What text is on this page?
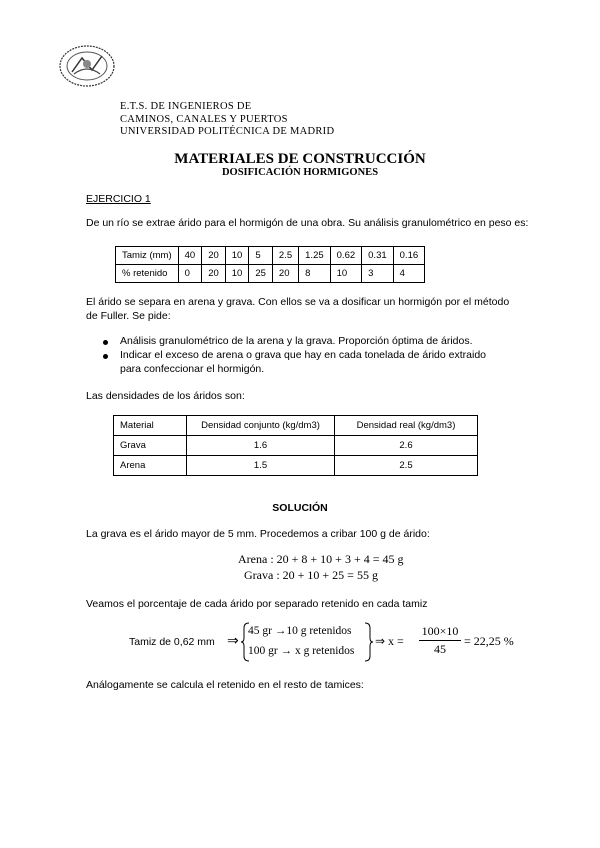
E.T.S. DE INGENIEROS DE
CAMINOS, CANALES Y PUERTOS
UNIVERSIDAD POLITÉCNICA DE MADRID
MATERIALES DE CONSTRUCCIÓN
DOSIFICACIÓN HORMIGONES
EJERCICIO 1
De un río se extrae árido para el hormigón de una obra. Su análisis granulométrico en peso es:
Tamiz (mm)	40	20	10	5	2.5	1.25	0.62	0.31	0.16
% retenido	0	20	10	25	20	8	10	3	4
El árido se separa en arena y grava. Con ellos se va a dosificar un hormigón por el método
de Fuller. Se pide:
Análisis granulométrico de la arena y la grava. Proporción óptima de áridos.
Indicar el exceso de arena o grava que hay en cada tonelada de árido extraido
para confeccionar el hormigón.
Las densidades de los áridos son:
Material	Densidad conjunto (kg/dm3)	Densidad real (kg/dm3)
Grava	1.6	2.6
Arena	1.5	2.5
SOLUCIÓN
La grava es el árido mayor de 5 mm. Procedemos a cribar 100 g de árido:
Arena : 20 + 8 + 10 + 3 + 4 = 45 g
Grava : 20 + 10 + 25 = 55 g
Veamos el porcentaje de cada árido por separado retenido en cada tamiz
Tamiz de 0,62 mm ⇒
45 gr →10 g retenidos
100 gr → x g retenidos
⇒ x =
100×10
45
= 22,25 %
Análogamente se calcula el retenido en el resto de tamices:
